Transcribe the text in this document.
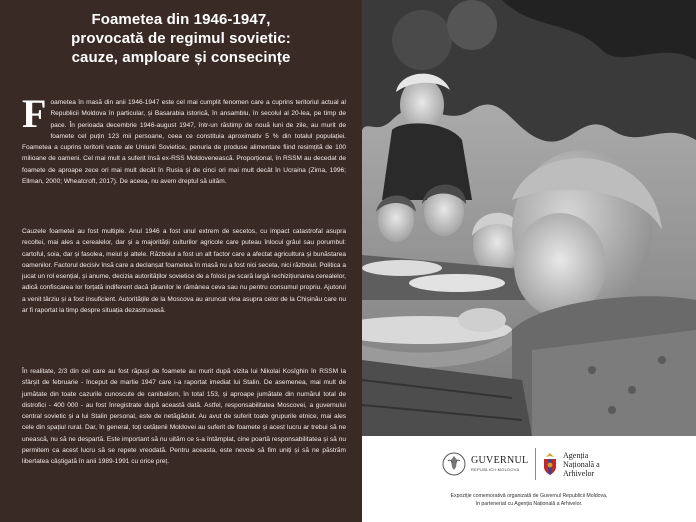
Foametea din 1946-1947,
provocată de regimul sovietic:
cauze, amploare și consecințe

Foametea în masă din anii 1946-1947 este cel mai cumplit fenomen care a cuprins teritoriul actual al Republicii Moldova în particular, și Basarabia istorică, în ansamblu, în secolul al 20-lea, pe timp de pace. În perioada decembrie 1946-august 1947, într-un răstimp de nouă luni de zile, au murit de foamete cel puțin 123 mii persoane, ceea ce constituia aproximativ 5 % din totalul populației. Foametea a cuprins teritorii vaste ale Uniunii Sovietice, penuria de produse alimentare fiind resimțită de 100 milioane de oameni. Cel mai mult a suferit însă ex-RSS Moldovenească. Proporțional, în RSSM au decedat de foamete de aproape zece ori mai mult decât în Rusia și de cinci ori mai mult decât în Ucraina (Zima, 1996; Ellman, 2000; Wheatcroft, 2017). De aceea, nu avem dreptul să uităm.

Cauzele foametei au fost multiple. Anul 1946 a fost unul extrem de secetos, cu impact catastrofal asupra recoltei, mai ales a cerealelor, dar și a majorității culturilor agricole care puteau înlocui grâul sau porumbul: cartoful, soia, dar și fasolea, meiul și altele. Războiul a fost un alt factor care a afectat agricultura și bunăstarea oamenilor. Factorul decisiv însă care a declanșat foametea în masă nu a fost nici seceta, nici războiul. Politica a jucat un rol esențial, și anume, decizia autorităților sovietice de a folosi pe scară largă rechizițiunarea cerealelor, adică confiscarea lor forțată indiferent dacă țăranilor le rămânea ceva sau nu pentru consumul propriu. Ajutorul a venit târziu și a fost insuficient. Autoritățile de la Moscova au aruncat vina asupra celor de la Chișinău care nu ar fi raportat la timp despre situația dezastruoasă.

În realitate, 2/3 din cei care au fost răpuși de foamete au murit după vizita lui Nikolai Kosîghin în RSSM la sfârșit de februarie - început de martie 1947 care i-a raportat imediat lui Stalin. De asemenea, mai mult de jumătate din toate cazurile cunoscute de canibalism, în total 153, și aproape jumătate din numărul total de distrofici - 400 000 - au fost înregistrate după această dată. Astfel, responsabilitatea Moscovei, a guvernului central sovietic și a lui Stalin personal, este de netăgăduit. Au avut de suferit toate grupurile etnice, mai ales cele din spațiul rural. Dar, în general, toți cetățenii Moldovei au suferit de foamete și acest lucru ar trebui să ne unească, nu să ne despartă. Este important să nu uităm ce s-a întâmplat, cine poartă responsabilitatea și să nu permitem ca acest lucru să se repete vreodată. Pentru aceasta, este nevoie să fim uniți și să ne păstrăm libertatea câștigată în anii 1989-1991 cu orice preț.	GUVERNUL
REPUBLICII MOLDOVA
Agenția
Națională a
Arhivelor
Expoziție comemorativă organizată de Guvernul Republicii Moldova,
în parteneriat cu Agenția Națională a Arhivelor.
